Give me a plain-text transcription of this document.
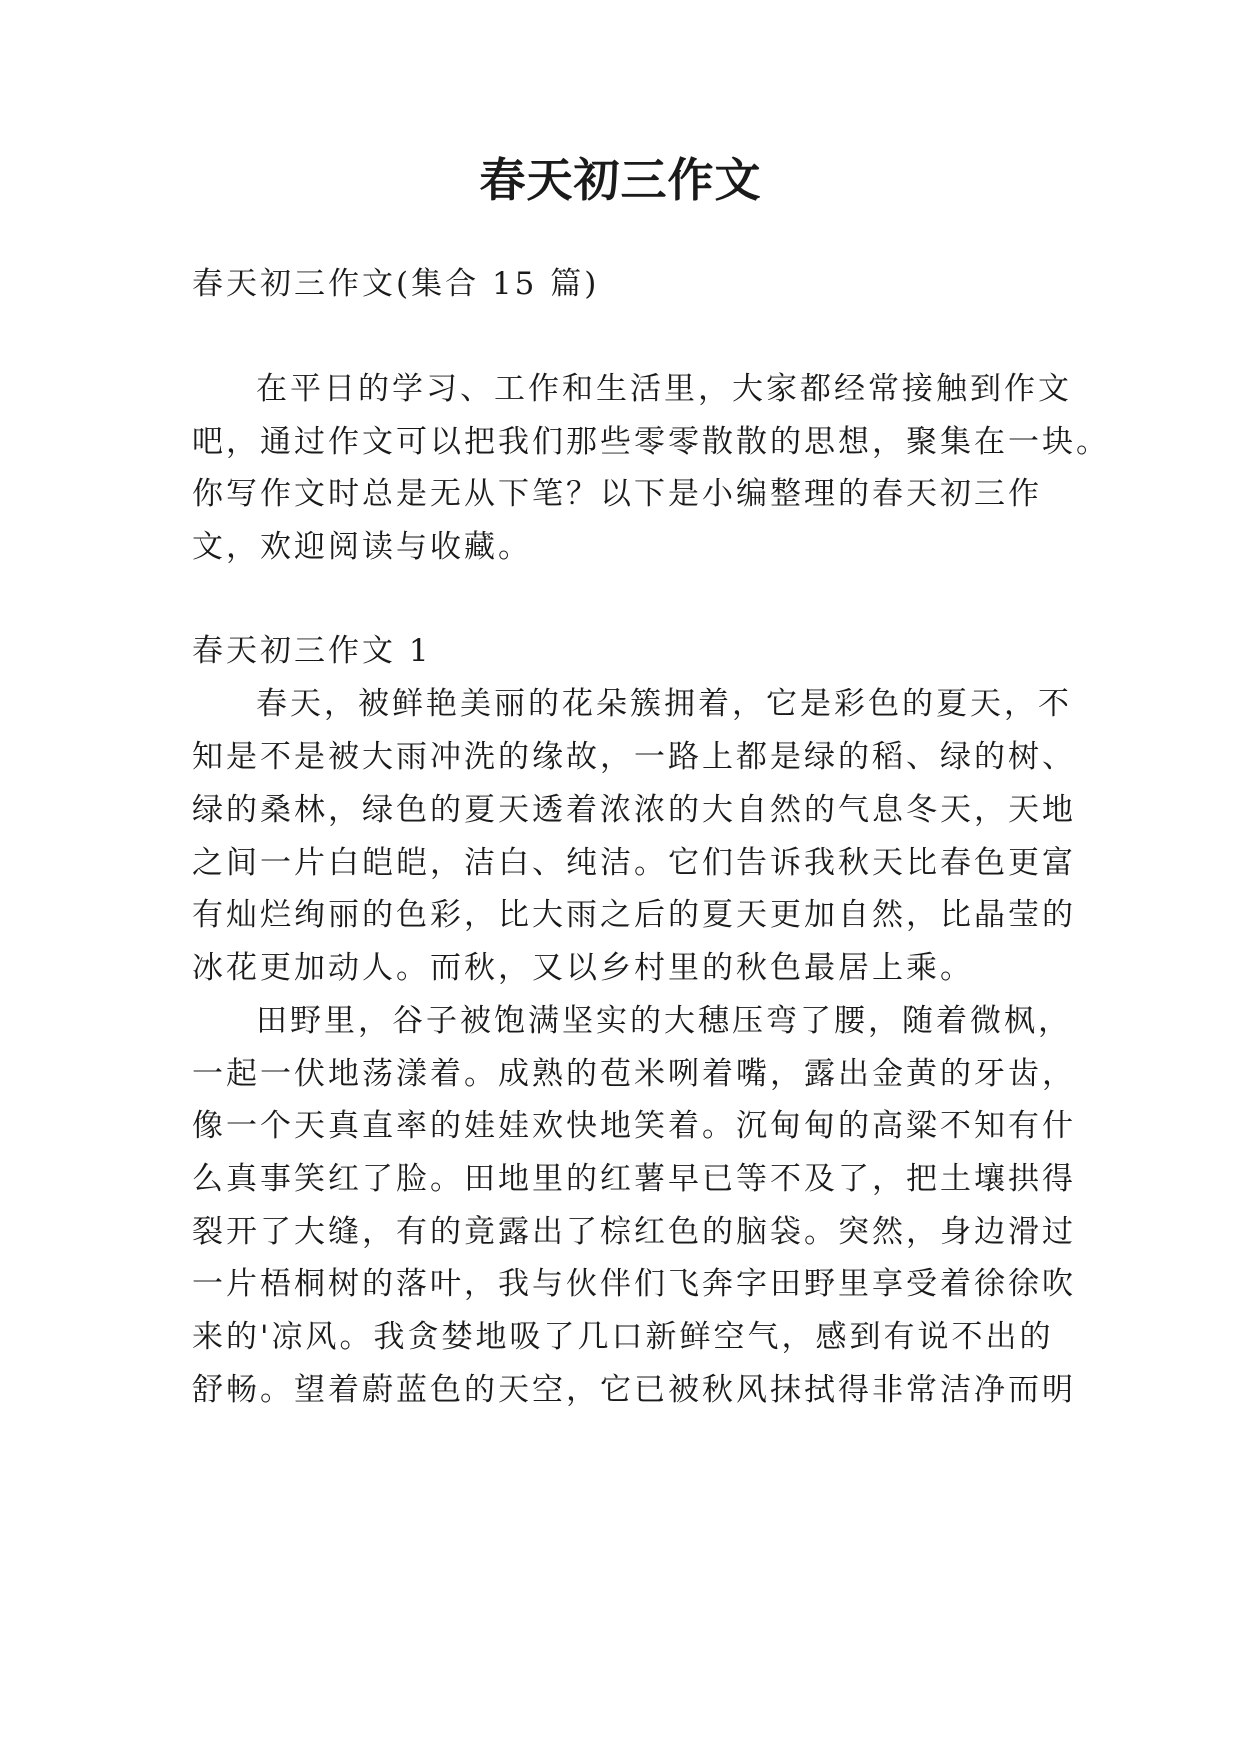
春天初三作文
春天初三作文(集合 15 篇)
在平日的学习、工作和生活里，大家都经常接触到作文
吧，通过作文可以把我们那些零零散散的思想，聚集在一块。
你写作文时总是无从下笔？以下是小编整理的春天初三作
文，欢迎阅读与收藏。
春天初三作文 1
春天，被鲜艳美丽的花朵簇拥着，它是彩色的夏天，不
知是不是被大雨冲洗的缘故，一路上都是绿的稻、绿的树、
绿的桑林，绿色的夏天透着浓浓的大自然的气息冬天，天地
之间一片白皑皑，洁白、纯洁。它们告诉我秋天比春色更富
有灿烂绚丽的色彩，比大雨之后的夏天更加自然，比晶莹的
冰花更加动人。而秋，又以乡村里的秋色最居上乘。
田野里，谷子被饱满坚实的大穗压弯了腰，随着微枫，
一起一伏地荡漾着。成熟的苞米咧着嘴，露出金黄的牙齿，
像一个天真直率的娃娃欢快地笑着。沉甸甸的高粱不知有什
么真事笑红了脸。田地里的红薯早已等不及了，把土壤拱得
裂开了大缝，有的竟露出了棕红色的脑袋。突然，身边滑过
一片梧桐树的落叶，我与伙伴们飞奔字田野里享受着徐徐吹
来的'凉风。我贪婪地吸了几口新鲜空气，感到有说不出的
舒畅。望着蔚蓝色的天空，它已被秋风抹拭得非常洁净而明
